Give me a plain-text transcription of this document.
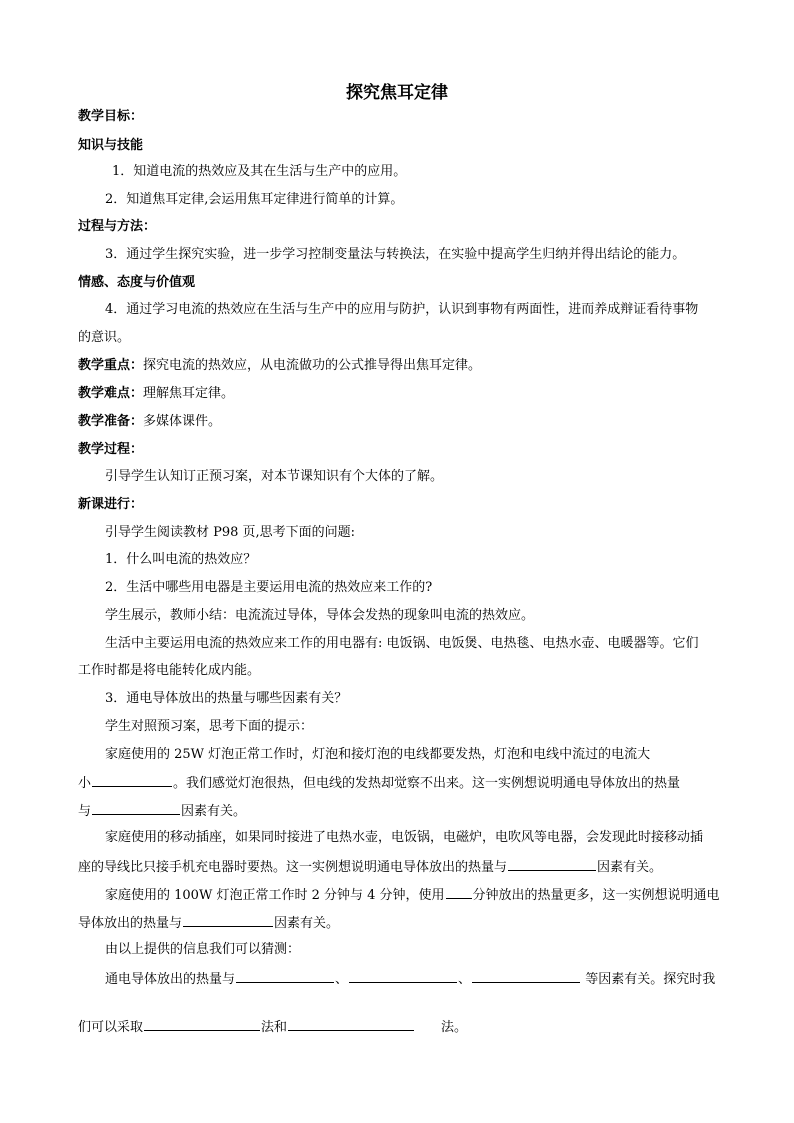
探究焦耳定律
教学目标：
知识与技能
1．知道电流的热效应及其在生活与生产中的应用。
2．知道焦耳定律,会运用焦耳定律进行简单的计算。
过程与方法：
3．通过学生探究实验，进一步学习控制变量法与转换法，在实验中提高学生归纳并得出结论的能力。
情感、态度与价值观
4．通过学习电流的热效应在生活与生产中的应用与防护，认识到事物有两面性，进而养成辩证看待事物
的意识。
教学重点：探究电流的热效应，从电流做功的公式推导得出焦耳定律。
教学难点：理解焦耳定律。
教学准备：多媒体课件。
教学过程：
引导学生认知订正预习案，对本节课知识有个大体的了解。
新课进行：
引导学生阅读教材 P98 页,思考下面的问题:
1．什么叫电流的热效应？
2．生活中哪些用电器是主要运用电流的热效应来工作的?
学生展示，教师小结：电流流过导体，导体会发热的现象叫电流的热效应。
生活中主要运用电流的热效应来工作的用电器有: 电饭锅、电饭煲、电热毯、电热水壶、电暖器等。它们
工作时都是将电能转化成内能。
3．通电导体放出的热量与哪些因素有关？
学生对照预习案，思考下面的提示：
家庭使用的 25W 灯泡正常工作时，灯泡和接灯泡的电线都要发热，灯泡和电线中流过的电流大
小	。我们感觉灯泡很热，但电线的发热却觉察不出来。这一实例想说明通电导体放出的热量
与	因素有关。
家庭使用的移动插座，如果同时接进了电热水壶，电饭锅，电磁炉，电吹风等电器，会发现此时接移动插
座的导线比只接手机充电器时要热。这一实例想说明通电导体放出的热量与	因素有关。
家庭使用的 100W 灯泡正常工作时 2 分钟与 4 分钟，使用 分钟放出的热量更多，这一实例想说明通电
导体放出的热量与	因素有关。
由以上提供的信息我们可以猜测：
通电导体放出的热量与	、	、	等因素有关。探究时我
们可以采取	法和	法。
